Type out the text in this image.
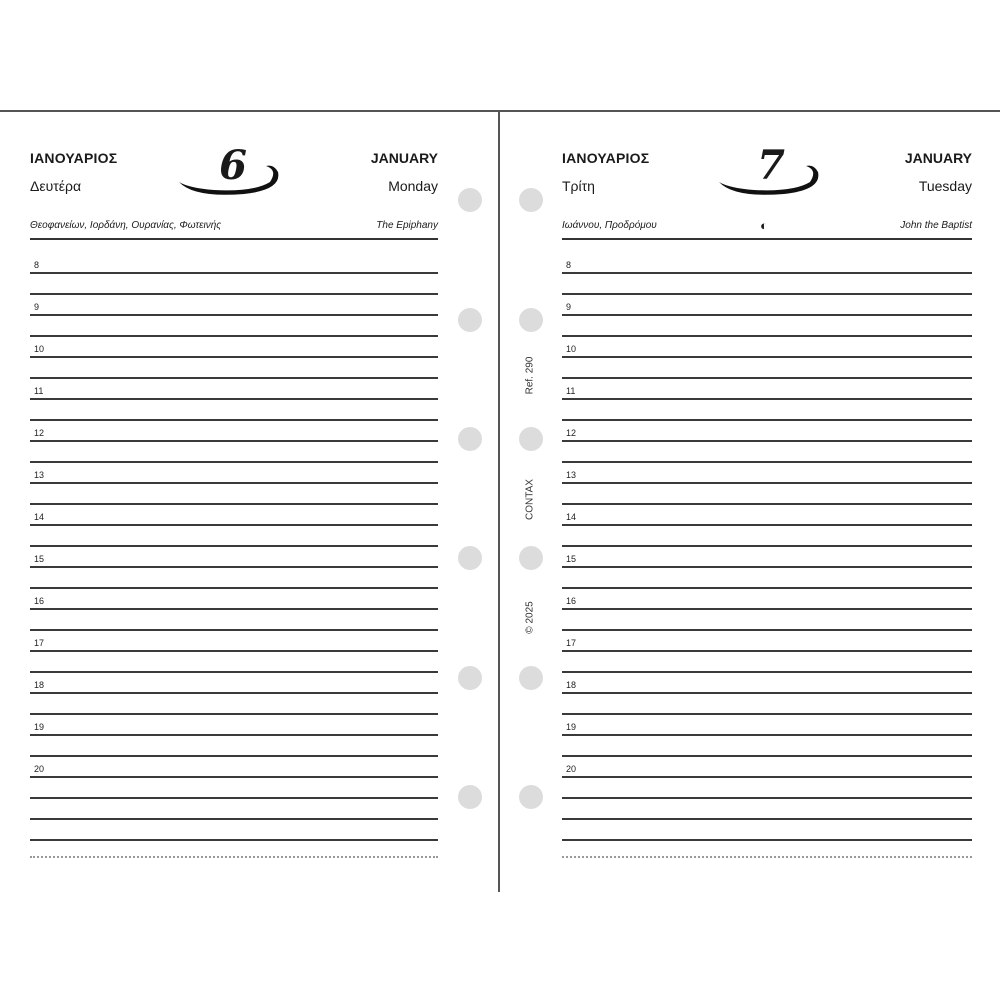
ΙΑΝΟΥΑΡΙΟΣ
Δευτέρα	6	JANUARY
Monday
Θεοφανείων, Ιορδάνη, Ουρανίας, Φωτεινής	The Epiphany
8
9
10
11
12
13
14
15
16
17
18
19
20
ΙΑΝΟΥΑΡΙΟΣ
Τρίτη	7	JANUARY
Tuesday
Ιωάννου, Προδρόμου	◐	John the Baptist
8
9
10
11
12
13
14
15
16
17
18
19
20
Ref. 290
CONTAX
© 2025
